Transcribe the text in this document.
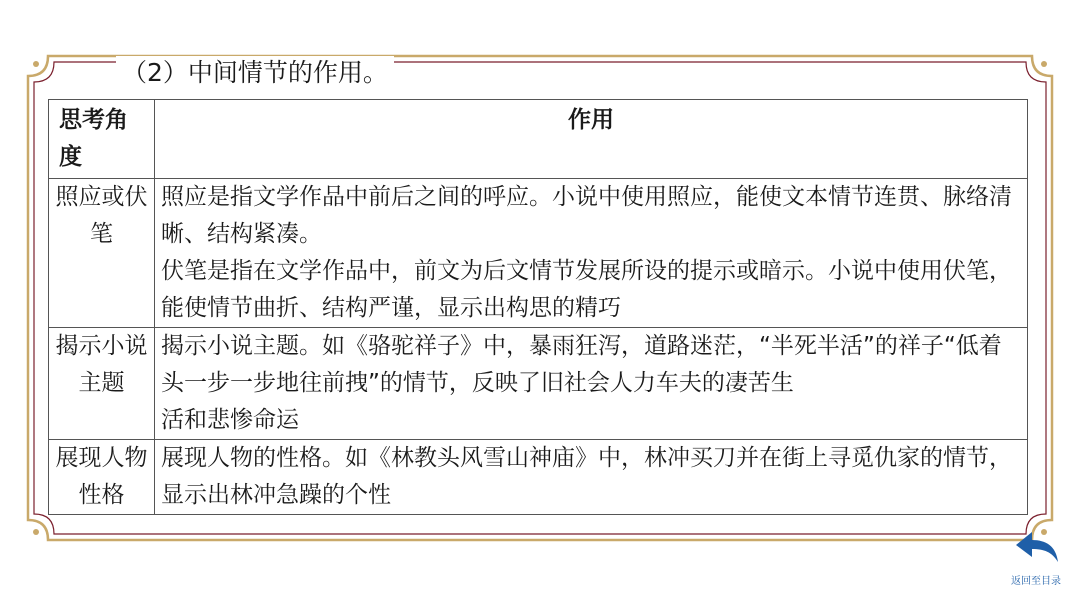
（2）中间情节的作用。
思考角度	作用
照应或伏笔	照应是指文学作品中前后之间的呼应。小说中使用照应，能使文本情节连贯、脉络清晰、结构紧凑。
伏笔是指在文学作品中，前文为后文情节发展所设的提示或暗示。小说中使用伏笔，能使情节曲折、结构严谨，显示出构思的精巧

揭示小说主题	揭示小说主题。如《骆驼祥子》中，暴雨狂泻，道路迷茫，“半死半活”的祥子“低着头一步一步地往前拽”的情节，反映了旧社会人力车夫的凄苦生
活和悲惨命运

展现人物性格	展现人物的性格。如《林教头风雪山神庙》中，林冲买刀并在街上寻觅仇家的情节，显示出林冲急躁的个性
返回至目录
